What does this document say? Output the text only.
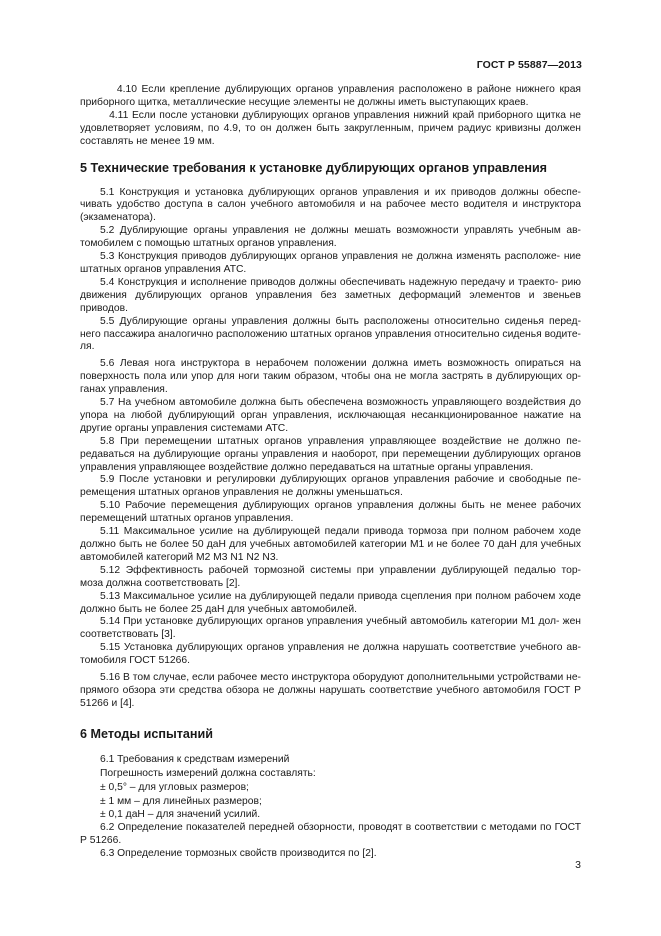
ГОСТ Р 55887—2013

4.10 Если крепление дублирующих органов управления расположено в районе нижнего края приборного щитка, металлические несущие элементы не должны иметь выступающих краев.

4.11 Если после установки дублирующих органов управления нижний край приборного щитка не удовлетворяет условиям, по 4.9, то он должен быть закругленным, причем радиус кривизны должен составлять не менее 19 мм.

5 Технические требования к установке дублирующих органов управления

5.1 Конструкция и установка дублирующих органов управления и их приводов должны обеспе- чивать удобство доступа в салон учебного автомобиля и на рабочее место водителя и инструктора (экзаменатора).

5.2 Дублирующие органы управления не должны мешать возможности управлять учебным ав- томобилем с помощью штатных органов управления.

5.3 Конструкция приводов дублирующих органов управления не должна изменять расположе- ние штатных органов управления АТС.

5.4 Конструкция и исполнение приводов должны обеспечивать надежную передачу и траекто- рию движения дублирующих органов управления без заметных деформаций элементов и звеньев приводов.

5.5 Дублирующие органы управления должны быть расположены относительно сиденья перед- него пассажира аналогично расположению штатных органов управления относительно сиденья водите- ля.

5.6 Левая нога инструктора в нерабочем положении должна иметь возможность опираться на поверхность пола или упор для ноги таким образом, чтобы она не могла застрять в дублирующих ор- ганах управления.

5.7 На учебном автомобиле должна быть обеспечена возможность управляющего воздействия до упора на любой дублирующий орган управления, исключающая несанкционированное нажатие на другие органы управления системами АТС.

5.8 При перемещении штатных органов управления управляющее воздействие не должно пе- редаваться на дублирующие органы управления и наоборот, при перемещении дублирующих органов управления управляющее воздействие должно передаваться на штатные органы управления.

5.9 После установки и регулировки дублирующих органов управления рабочие и свободные пе- ремещения штатных органов управления не должны уменьшаться.

5.10 Рабочие перемещения дублирующих органов управления должны быть не менее рабочих перемещений штатных органов управления.

5.11 Максимальное усилие на дублирующей педали привода тормоза при полном рабочем ходе должно быть не более 50 даН для учебных автомобилей категории М1 и не более 70 даН для учебных автомобилей категорий М2 М3 N1 N2 N3.

5.12 Эффективность рабочей тормозной системы при управлении дублирующей педалью тор- моза должна соответствовать [2].

5.13 Максимальное усилие на дублирующей педали привода сцепления при полном рабочем ходе должно быть не более 25 даН для учебных автомобилей.

5.14 При установке дублирующих органов управления учебный автомобиль категории М1 дол- жен соответствовать [3].

5.15 Установка дублирующих органов управления не должна нарушать соответствие учебного ав- томобиля ГОСТ 51266.

5.16 В том случае, если рабочее место инструктора оборудуют дополнительными устройствами не- прямого обзора эти средства обзора не должны нарушать соответствие учебного автомобиля ГОСТ Р 51266 и [4].

6 Методы испытаний

6.1 Требования к средствам измерений

Погрешность измерений должна составлять:

± 0,5° – для угловых размеров;

± 1 мм – для линейных размеров;

± 0,1 даН – для значений усилий.

6.2 Определение показателей передней обзорности, проводят в соответствии с методами по ГОСТ Р 51266.

6.3 Определение тормозных свойств производится по [2].

3
